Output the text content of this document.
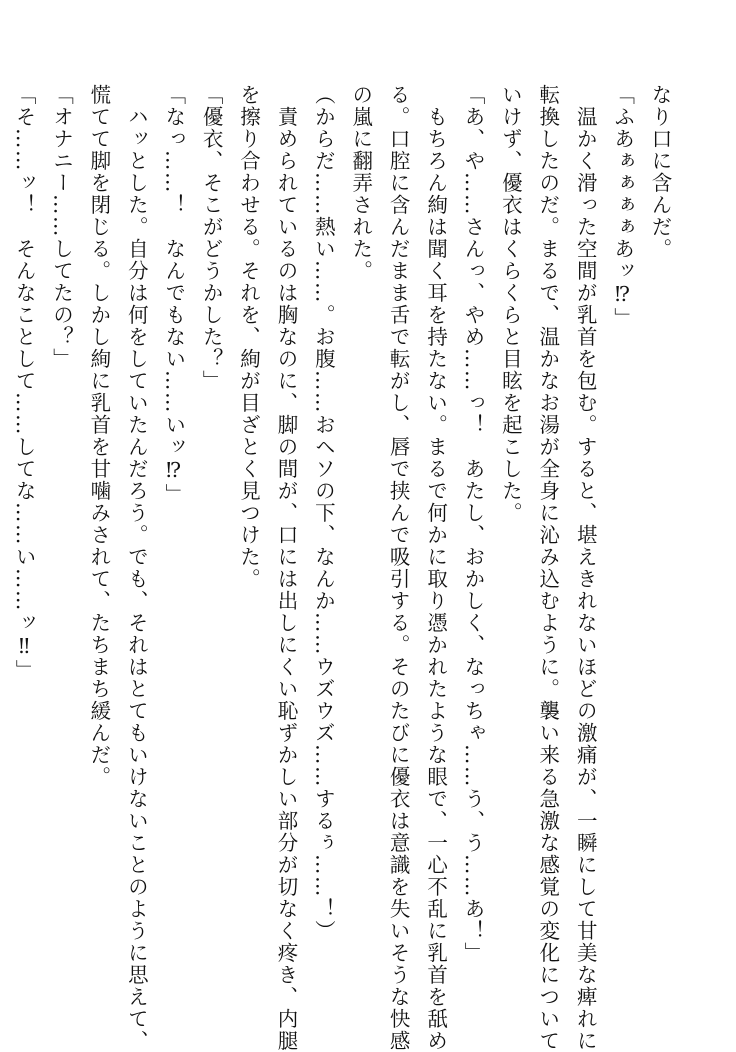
なり口に含んだ。

「ふあぁぁぁぁあッ⁉」

　温かく滑った空間が乳首を包む。すると、堪えきれないほどの激痛が、一瞬にして甘美な痺れに

転換したのだ。まるで、温かなお湯が全身に沁み込むように。襲い来る急激な感覚の変化について

いけず、優衣はくらくらと目眩を起こした。

「あ、や……さんっ、やめ……っ！　あたし、おかしく、なっちゃ……う、う……あ！」

　もちろん絢は聞く耳を持たない。まるで何かに取り憑かれたような眼で、一心不乱に乳首を舐め

る。口腔に含んだまま舌で転がし、唇で挟んで吸引する。そのたびに優衣は意識を失いそうな快感

の嵐に翻弄された。

（からだ……熱い……。お腹……おヘソの下、なんか……ウズウズ……するぅ……！）

　責められているのは胸なのに、脚の間が、口には出しにくい恥ずかしい部分が切なく疼き、内腿

を擦り合わせる。それを、絢が目ざとく見つけた。

「優衣、そこがどうかした？」

「なっ……！　なんでもない……いッ⁉」

　ハッとした。自分は何をしていたんだろう。でも、それはとてもいけないことのように思えて、

慌てて脚を閉じる。しかし絢に乳首を甘噛みされて、たちまち緩んだ。

「オナニー……してたの？」

「そ……ッ！　そんなことして……してな……い……ッ‼」
